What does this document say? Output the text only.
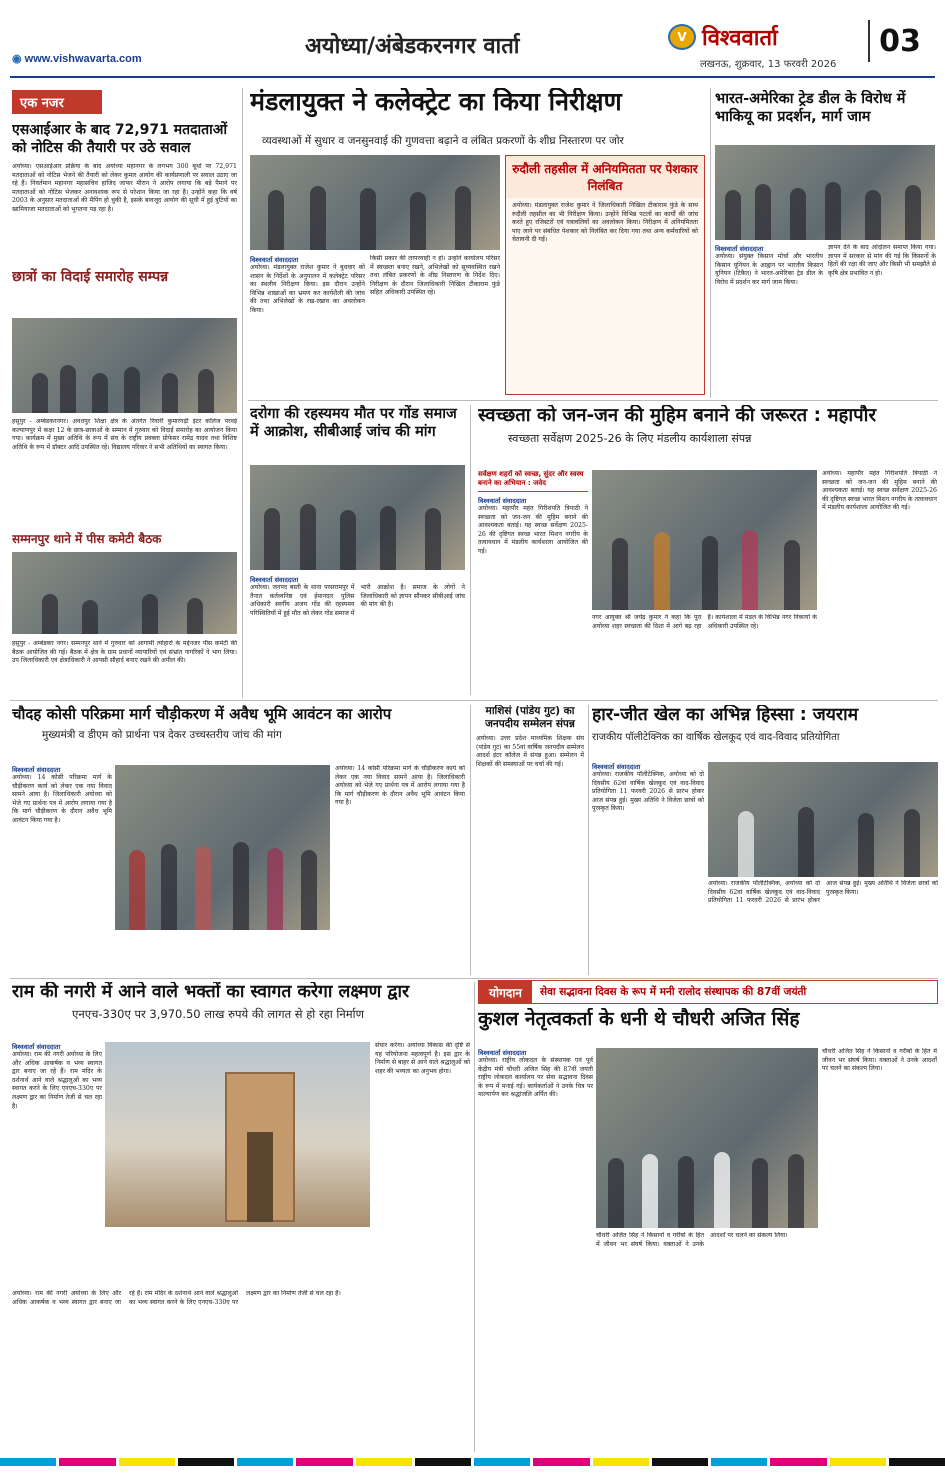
◉ www.vishwavarta.com	अयोध्या/अंबेडकरनगर वार्ता	V विश्ववार्ता
लखनऊ, शुक्रवार, 13 फरवरी 2026
03
एक नजर
एसआईआर के बाद 72,971 मतदाताओं को नोटिस की तैयारी पर उठे सवाल
अयोध्या। एसआईआर प्रक्रिया के बाद अयोध्या महानगर के लगभग 300 बूथों पर 72,971 मतदाताओं को नोटिस भेजने की तैयारी को लेकर कुमार आयोग की कार्यप्रणाली पर सवाल उठाए जा रहे हैं। निवर्तमान महानगर महासचिव हाजिद जाफर मीरान ने आरोप लगाया कि बड़े पैमाने पर मतदाताओं को नोटिस भेजकर अनावश्यक रूप से परेशान किया जा रहा है। उन्होंने कहा कि वर्ष 2003 के अनुसार मतदाताओं की मैपिंग हो चुकी है, इसके बावजूद आयोग की सूची में हुई त्रुटियों का खामियाजा मतदाताओं को भुगतना पड़ रहा है।
छात्रों का विदाई समारोह सम्पन्न
हसुपुर - अम्बेडकरनगर। अवधपुर शिक्षा क्षेत्र के अंतर्गत रिवारी कुमारगढ़ी इंटर कॉलेज परवई कल्याणपुर में कक्षा 12 के छात्र-छात्राओं के सम्मान में गुरुवार को विदाई समारोह का आयोजन किया गया। कार्यक्रम में मुख्य अतिथि के रूप में संघ के राष्ट्रीय प्रवक्ता प्रोफेसर रामेंद्र यादव तथा विशिष्ट अतिथि के रूप में डॉक्टर आदि उपस्थित रहे। विद्यालय परिवार ने सभी अतिथियों का स्वागत किया।
सम्मनपुर थाने में पीस कमेटी बैठक
हसुपुर - अम्बेडकर नगर। सम्मनपुर थाने में गुरुवार को आगामी त्योहारों के मद्देनजर पीस कमेटी की बैठक आयोजित की गई। बैठक में क्षेत्र के ग्राम प्रधानों व्यापारियों एवं संभ्रांत नागरिकों ने भाग लिया। उप जिलाधिकारी एवं क्षेत्राधिकारी ने आपसी सौहार्द बनाए रखने की अपील की।
मंडलायुक्त ने कलेक्ट्रेट का किया निरीक्षण
व्यवस्थाओं में सुधार व जनसुनवाई की गुणवत्ता बढ़ाने व लंबित प्रकरणों के शीघ्र निस्तारण पर जोर
विश्ववार्ता संवाददाता
अयोध्या। मंडलायुक्त राजेश कुमार ने बुधवार को शासन के निर्देशों के अनुपालन में कलेक्ट्रेट परिसर का स्थलीय निरीक्षण किया। इस दौरान उन्होंने विभिन्न शाखाओं का भ्रमण कर कार्यशैली की जांच की तथा अभिलेखों के रख-रखाव का अवलोकन किया।
किसी प्रकार की लापरवाही न हो। उन्होंने कार्यालय परिसर में स्वच्छता बनाए रखने, अभिलेखों को सुव्यवस्थित रखने तथा लंबित प्रकरणों के शीघ्र निस्तारण के निर्देश दिए। निरीक्षण के दौरान जिलाधिकारी निखिल टीकाराम फुंडे सहित अधिकारी उपस्थित रहे।
रुदौली तहसील में अनियमितता पर पेशकार निलंबित
अयोध्या। मंडलायुक्त राजेश कुमार ने जिलाधिकारी निखिल टीकाराम फुंडे के साथ रुदौली तहसील का भी निरीक्षण किया। उन्होंने विभिन्न पटलों का कार्यों की जांच करते हुए रजिस्टरों एवं पत्रावलियों का अवलोकन किया। निरीक्षण में अनियमितता पाए जाने पर संबंधित पेशकार को निलंबित कर दिया गया तथा अन्य कर्मचारियों को चेतावनी दी गई।
भारत-अमेरिका ट्रेड डील के विरोध में भाकियू का प्रदर्शन, मार्ग जाम
विश्ववार्ता संवाददाता
अयोध्या। संयुक्त किसान मोर्चा और भारतीय किसान यूनियन के आह्वान पर भारतीय किसान यूनियन (टिकैत) ने भारत-अमेरिका ट्रेड डील के विरोध में प्रदर्शन कर मार्ग जाम किया।
ज्ञापन देने के बाद आंदोलन समाप्त किया गया। ज्ञापन में सरकार से मांग की गई कि किसानों के हितों की रक्षा की जाए और किसी भी समझौते से कृषि क्षेत्र प्रभावित न हो।
दरोगा की रहस्यमय मौत पर गोंड समाज में आक्रोश, सीबीआई जांच की मांग
विश्ववार्ता संवाददाता
अयोध्या। जनपद बस्ती के थाना परसरामपुर में तैनात कर्तव्यनिष्ठ एवं ईमानदार पुलिस अधिकारी स्वर्गीय अजय गोंड की रहस्यमय परिस्थितियों में हुई मौत को लेकर गोंड समाज में भारी आक्रोश है। समाज के लोगों ने जिलाधिकारी को ज्ञापन सौंपकर सीबीआई जांच की मांग की है।
स्वच्छता को जन-जन की मुहिम बनाने की जरूरत : महापौर
स्वच्छता सर्वेक्षण 2025-26 के लिए मंडलीय कार्यशाला संपन्न
सर्वेक्षण शहरों को स्वच्छ, सुंदर और स्वस्थ बनाने का अभियान : जवेद
विश्ववार्ता संवाददाता
अयोध्या। महापौर महंत गिरीशपति त्रिपाठी ने स्वच्छता को जन-जन की मुहिम बनाने की आवश्यकता बताई। यह स्वच्छ सर्वेक्षण 2025-26 की दृष्टिगत स्वच्छ भारत मिशन नगरीय के तत्वावधान में मंडलीय कार्यशाला आयोजित की गई।
नगर आयुक्त श्री जयेंद्र कुमार ने कहा कि पूरा अयोध्या शहर स्वच्छता की दिशा में आगे बढ़ रहा है। कार्यशाला में मंडल के विभिन्न नगर निकायों के अधिकारी उपस्थित रहे।
अयोध्या। महापौर महंत गिरीशपति त्रिपाठी ने स्वच्छता को जन-जन की मुहिम बनाने की आवश्यकता बताई। यह स्वच्छ सर्वेक्षण 2025-26 की दृष्टिगत स्वच्छ भारत मिशन नगरीय के तत्वावधान में मंडलीय कार्यशाला आयोजित की गई।
चौदह कोसी परिक्रमा मार्ग चौड़ीकरण में अवैध भूमि आवंटन का आरोप
मुख्यमंत्री व डीएम को प्रार्थना पत्र देकर उच्चस्तरीय जांच की मांग
विश्ववार्ता संवाददाता
अयोध्या। 14 कोसी परिक्रमा मार्ग के चौड़ीकरण कार्य को लेकर एक नया विवाद सामने आया है। जिलाधिकारी अयोध्या को भेजे गए प्रार्थना पत्र में आरोप लगाया गया है कि मार्ग चौड़ीकरण के दौरान अवैध भूमि आवंटन किया गया है।
अयोध्या। 14 कोसी परिक्रमा मार्ग के चौड़ीकरण कार्य को लेकर एक नया विवाद सामने आया है। जिलाधिकारी अयोध्या को भेजे गए प्रार्थना पत्र में आरोप लगाया गया है कि मार्ग चौड़ीकरण के दौरान अवैध भूमि आवंटन किया गया है।
माशिसं (पांडेय गुट) का जनपदीय सम्मेलन संपन्न
अयोध्या। उत्तर प्रदेश माध्यमिक शिक्षक संघ (पांडेय गुट) का 55वां वार्षिक जनपदीय सम्मेलन आदर्श इंटर कॉलेज में संपन्न हुआ। सम्मेलन में शिक्षकों की समस्याओं पर चर्चा की गई।
हार-जीत खेल का अभिन्न हिस्सा : जयराम
राजकीय पॉलीटेक्निक का वार्षिक खेलकूद एवं वाद-विवाद प्रतियोगिता
विश्ववार्ता संवाददाता
अयोध्या। राजकीय पॉलीटेक्निक, अयोध्या को दो दिवसीय 62वां वार्षिक खेलकूद एवं वाद-विवाद प्रतियोगिता 11 फरवरी 2026 से प्रारंभ होकर आज संपन्न हुई। मुख्य अतिथि ने विजेता छात्रों को पुरस्कृत किया।
अयोध्या। राजकीय पॉलीटेक्निक, अयोध्या को दो दिवसीय 62वां वार्षिक खेलकूद एवं वाद-विवाद प्रतियोगिता 11 फरवरी 2026 से प्रारंभ होकर आज संपन्न हुई। मुख्य अतिथि ने विजेता छात्रों को पुरस्कृत किया।
राम की नगरी में आने वाले भक्तों का स्वागत करेगा लक्ष्मण द्वार
एनएच-330ए पर 3,970.50 लाख रुपये की लागत से हो रहा निर्माण
विश्ववार्ता संवाददाता
अयोध्या। राम की नगरी अयोध्या के लिए और अधिक आकर्षक व भव्य स्वागत द्वार बनाए जा रहे हैं। राम मंदिर के दर्शनार्थ आने वाले श्रद्धालुओं का भव्य स्वागत करने के लिए एनएच-330ए पर लक्ष्मण द्वार का निर्माण तेजी से चल रहा है।
संचार करेगा। अयोध्या विकास की दृष्टि से यह परियोजना महत्वपूर्ण है। इस द्वार के निर्माण से बाहर से आने वाले श्रद्धालुओं को शहर की भव्यता का अनुभव होगा।
अयोध्या। राम की नगरी अयोध्या के लिए और अधिक आकर्षक व भव्य स्वागत द्वार बनाए जा रहे हैं। राम मंदिर के दर्शनार्थ आने वाले श्रद्धालुओं का भव्य स्वागत करने के लिए एनएच-330ए पर लक्ष्मण द्वार का निर्माण तेजी से चल रहा है।
योगदान	सेवा सद्भावना दिवस के रूप में मनी रालोद संस्थापक की 87वीं जयंती
कुशल नेतृत्वकर्ता के धनी थे चौधरी अजित सिंह
विश्ववार्ता संवाददाता
अयोध्या। राष्ट्रीय लोकदल के संस्थापक एवं पूर्व केंद्रीय मंत्री चौधरी अजित सिंह की 87वीं जयंती राष्ट्रीय लोकदल कार्यालय पर सेवा सद्भावना दिवस के रूप में मनाई गई। कार्यकर्ताओं ने उनके चित्र पर माल्यार्पण कर श्रद्धांजलि अर्पित की।
चौधरी अजित सिंह ने किसानों व गरीबों के हित में जीवन भर संघर्ष किया। वक्ताओं ने उनके आदर्शों पर चलने का संकल्प लिया।
चौधरी अजित सिंह ने किसानों व गरीबों के हित में जीवन भर संघर्ष किया। वक्ताओं ने उनके आदर्शों पर चलने का संकल्प लिया।
